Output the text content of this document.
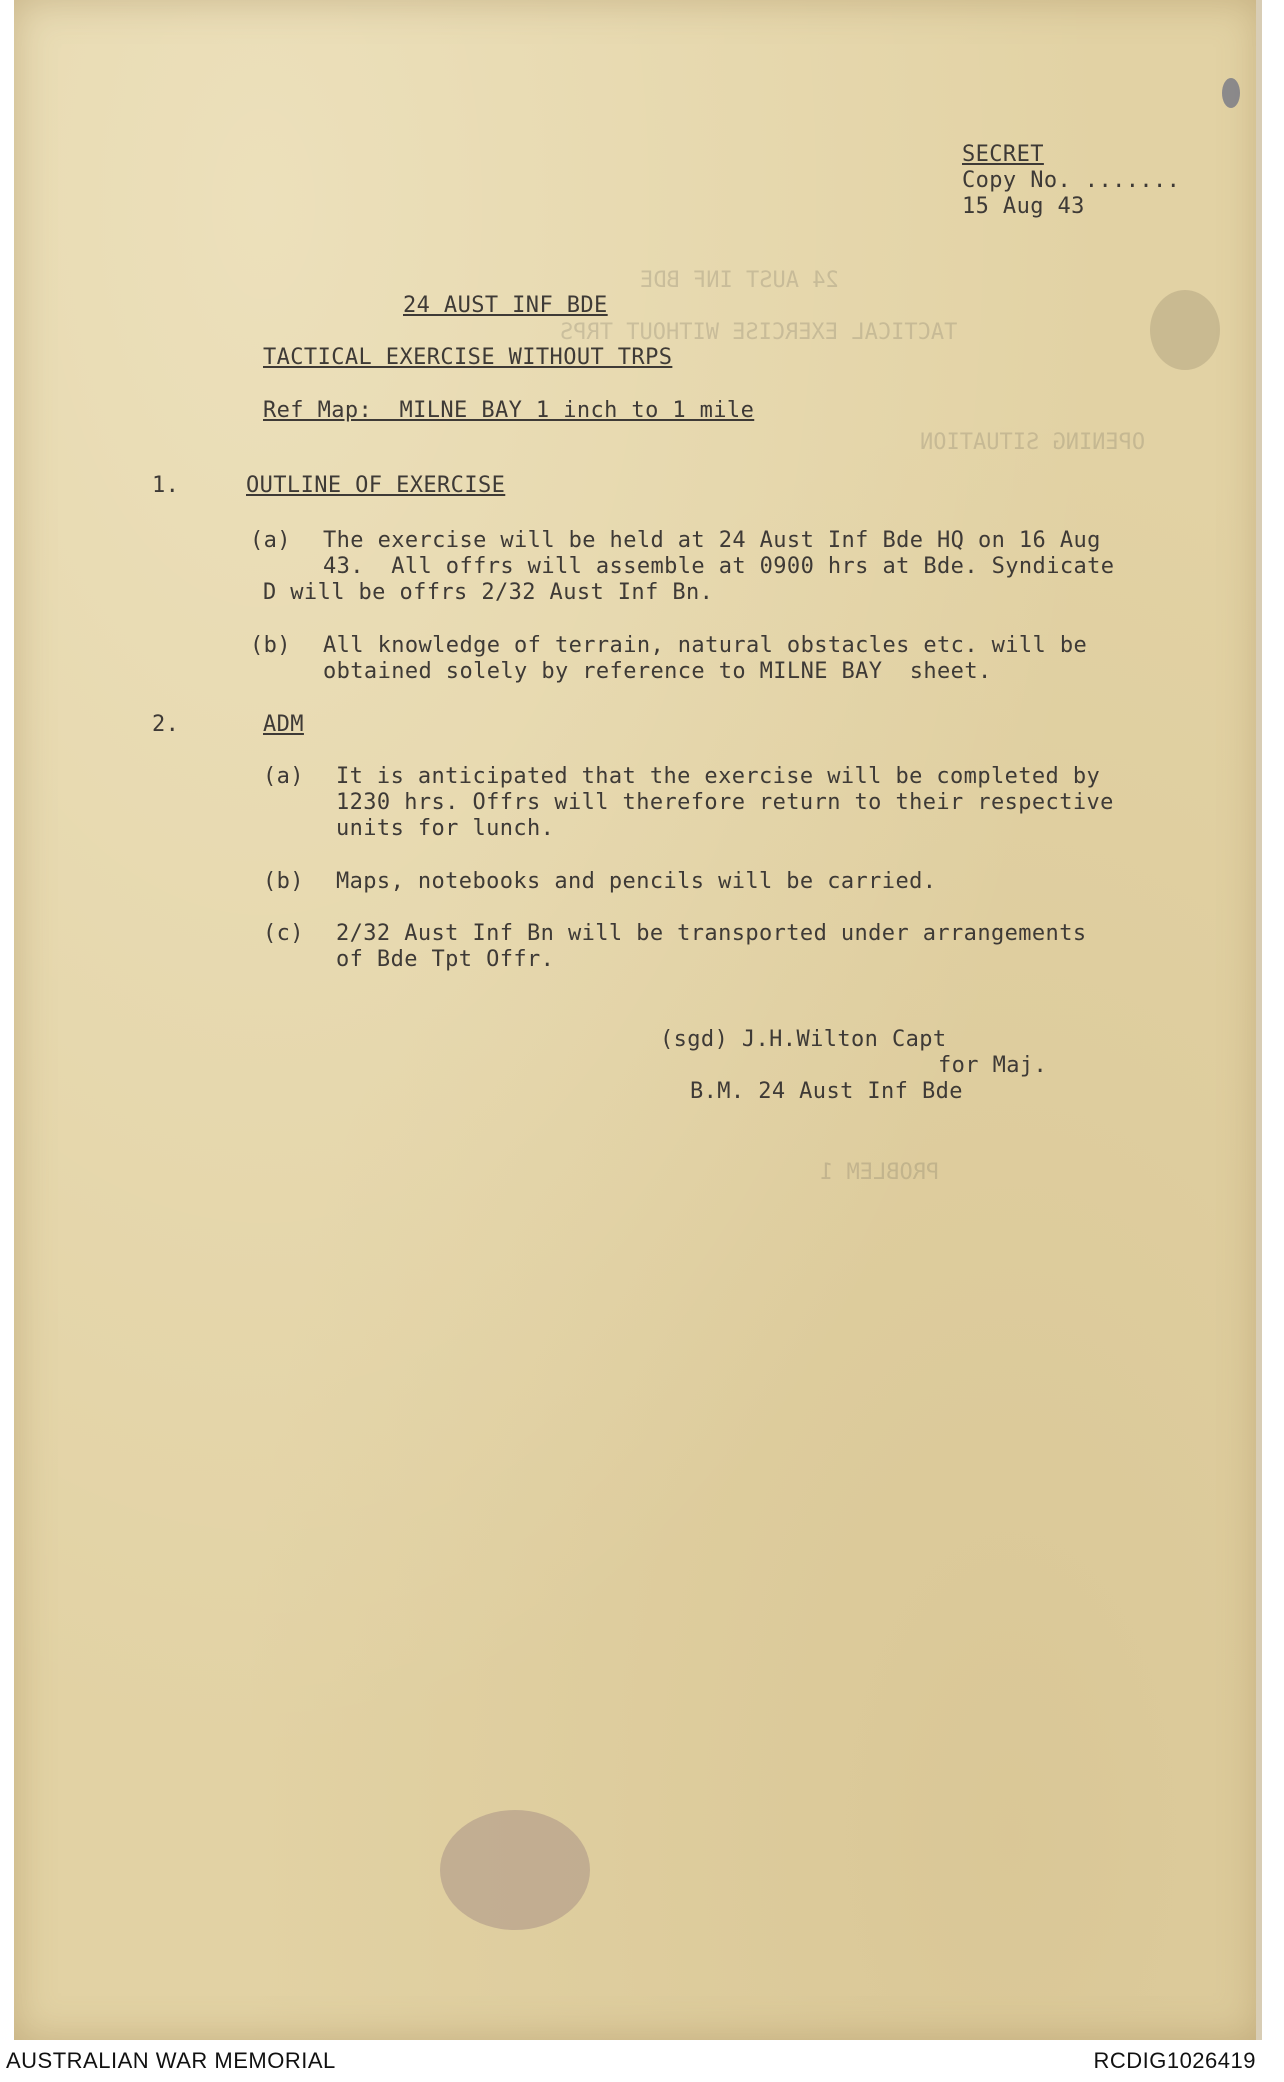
24 AUST INF BDE
TACTICAL EXERCISE WITHOUT TRPS
OPENING SITUATION
PROBLEM 1
SECRET
Copy No. .......
15 Aug 43
24 AUST INF BDE
TACTICAL EXERCISE WITHOUT TRPS
Ref Map:  MILNE BAY 1 inch to 1 mile
1.	OUTLINE OF EXERCISE
(a) The exercise will be held at 24 Aust Inf Bde HQ on 16 Aug
43.  All offrs will assemble at 0900 hrs at Bde. Syndicate
D will be offrs 2/32 Aust Inf Bn.
(b) All knowledge of terrain, natural obstacles etc. will be
obtained solely by reference to MILNE BAY  sheet.
2.	ADM
(a) It is anticipated that the exercise will be completed by
1230 hrs. Offrs will therefore return to their respective
units for lunch.
(b) Maps, notebooks and pencils will be carried.
(c) 2/32 Aust Inf Bn will be transported under arrangements
of Bde Tpt Offr.
(sgd) J.H.Wilton Capt
for Maj.
B.M. 24 Aust Inf Bde
AUSTRALIAN WAR MEMORIAL	RCDIG1026419
